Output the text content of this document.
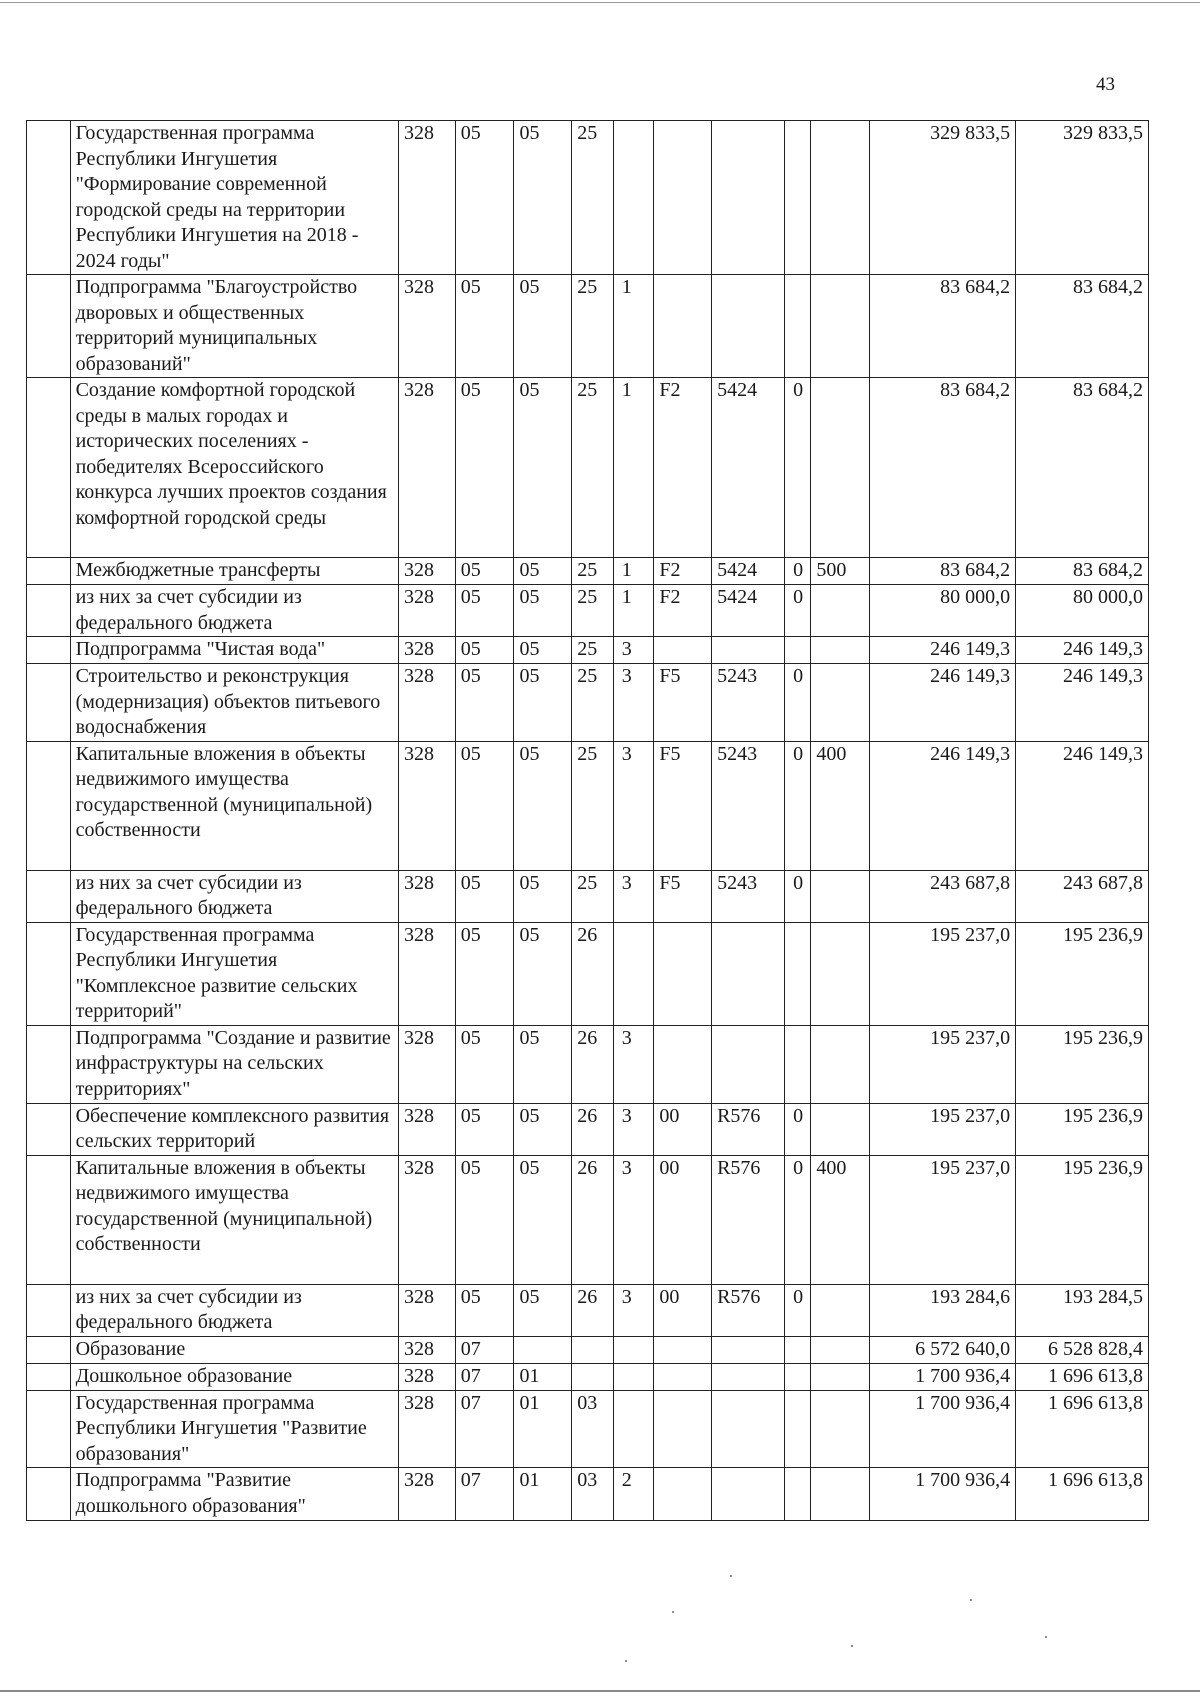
43
	Государственная программа Республики Ингушетия "Формирование современной городской среды на территории Республики Ингушетия на 2018 - 2024 годы"	328	05	05	25						329 833,5	329 833,5
	Подпрограмма "Благоустройство дворовых и общественных территорий муниципальных образований"	328	05	05	25	1					83 684,2	83 684,2
	Создание комфортной городской среды в малых городах и исторических поселениях - победителях Всероссийского конкурса лучших проектов создания комфортной городской среды	328	05	05	25	1	F2	5424	0		83 684,2	83 684,2
	Межбюджетные трансферты	328	05	05	25	1	F2	5424	0	500	83 684,2	83 684,2
	из них за счет субсидии из федерального бюджета	328	05	05	25	1	F2	5424	0		80 000,0	80 000,0
	Подпрограмма "Чистая вода"	328	05	05	25	3					246 149,3	246 149,3
	Строительство и реконструкция (модернизация) объектов питьевого водоснабжения	328	05	05	25	3	F5	5243	0		246 149,3	246 149,3
	Капитальные вложения в объекты недвижимого имущества государственной (муниципальной) собственности	328	05	05	25	3	F5	5243	0	400	246 149,3	246 149,3
	из них за счет субсидии из федерального бюджета	328	05	05	25	3	F5	5243	0		243 687,8	243 687,8
	Государственная программа Республики Ингушетия "Комплексное развитие сельских территорий"	328	05	05	26						195 237,0	195 236,9
	Подпрограмма "Создание и развитие инфраструктуры на сельских территориях"	328	05	05	26	3					195 237,0	195 236,9
	Обеспечение комплексного развития сельских территорий	328	05	05	26	3	00	R576	0		195 237,0	195 236,9
	Капитальные вложения в объекты недвижимого имущества государственной (муниципальной) собственности	328	05	05	26	3	00	R576	0	400	195 237,0	195 236,9
	из них за счет субсидии из федерального бюджета	328	05	05	26	3	00	R576	0		193 284,6	193 284,5
	Образование	328	07								6 572 640,0	6 528 828,4
	Дошкольное образование	328	07	01							1 700 936,4	1 696 613,8
	Государственная программа Республики Ингушетия "Развитие образования"	328	07	01	03						1 700 936,4	1 696 613,8
	Подпрограмма "Развитие дошкольного образования"	328	07	01	03	2					1 700 936,4	1 696 613,8
